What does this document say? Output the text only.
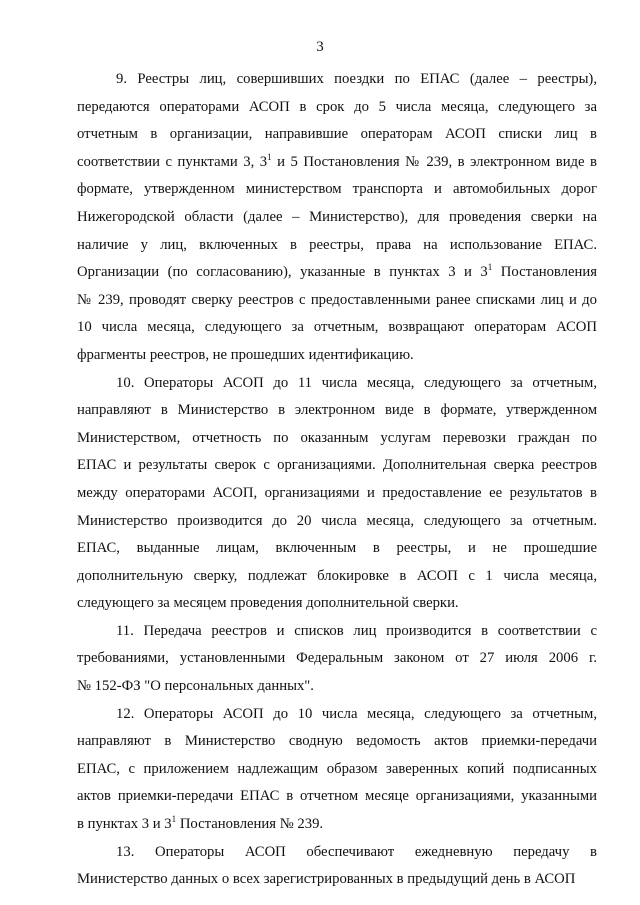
3

9. Реестры лиц, совершивших поездки по ЕПАС (далее – реестры),
передаются операторами АСОП в срок до 5 числа месяца, следующего за
отчетным в организации, направившие операторам АСОП списки лиц в
соответствии с пунктами 3, $3^1$ и 5 Постановления № 239, в электронном виде в
формате, утвержденном министерством транспорта и автомобильных дорог
Нижегородской области (далее – Министерство), для проведения сверки на
наличие у лиц, включенных в реестры, права на использование ЕПАС.
Организации (по согласованию), указанные в пунктах 3 и $3^1$ Постановления
№ 239, проводят сверку реестров с предоставленными ранее списками лиц и до
10 числа месяца, следующего за отчетным, возвращают операторам АСОП
фрагменты реестров, не прошедших идентификацию.

10. Операторы АСОП до 11 числа месяца, следующего за отчетным,
направляют в Министерство в электронном виде в формате, утвержденном
Министерством, отчетность по оказанным услугам перевозки граждан по
ЕПАС и результаты сверок с организациями. Дополнительная сверка реестров
между операторами АСОП, организациями и предоставление ее результатов в
Министерство производится до 20 числа месяца, следующего за отчетным.
ЕПАС, выданные лицам, включенным в реестры, и не прошедшие
дополнительную сверку, подлежат блокировке в АСОП с 1 числа месяца,
следующего за месяцем проведения дополнительной сверки.

11. Передача реестров и списков лиц производится в соответствии с
требованиями, установленными Федеральным законом от 27 июля 2006 г.
№ 152-ФЗ "О персональных данных".

12. Операторы АСОП до 10 числа месяца, следующего за отчетным,
направляют в Министерство сводную ведомость актов приемки-передачи
ЕПАС, с приложением надлежащим образом заверенных копий подписанных
актов приемки-передачи ЕПАС в отчетном месяце организациями, указанными
в пунктах 3 и $3^1$ Постановления № 239.

13. Операторы АСОП обеспечивают ежедневную передачу в
Министерство данных о всех зарегистрированных в предыдущий день в АСОП
